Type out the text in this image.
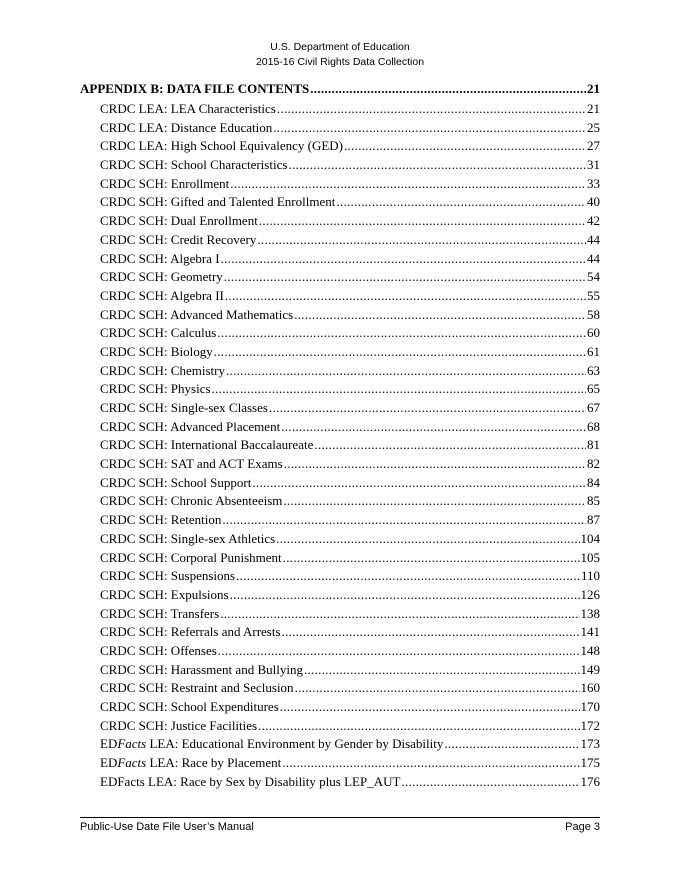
U.S. Department of Education
2015-16 Civil Rights Data Collection
APPENDIX B: DATA FILE CONTENTS .....	21
CRDC LEA: LEA Characteristics .....	21
CRDC LEA: Distance Education .....	25
CRDC LEA: High School Equivalency (GED) .....	27
CRDC SCH: School Characteristics .....	31
CRDC SCH: Enrollment .....	33
CRDC SCH: Gifted and Talented Enrollment .....	40
CRDC SCH: Dual Enrollment .....	42
CRDC SCH: Credit Recovery .....	44
CRDC SCH: Algebra I .....	44
CRDC SCH: Geometry .....	54
CRDC SCH: Algebra II .....	55
CRDC SCH: Advanced Mathematics .....	58
CRDC SCH: Calculus .....	60
CRDC SCH: Biology .....	61
CRDC SCH: Chemistry .....	63
CRDC SCH: Physics .....	65
CRDC SCH: Single-sex Classes .....	67
CRDC SCH: Advanced Placement .....	68
CRDC SCH: International Baccalaureate .....	81
CRDC SCH: SAT and ACT Exams .....	82
CRDC SCH: School Support .....	84
CRDC SCH: Chronic Absenteeism .....	85
CRDC SCH: Retention .....	87
CRDC SCH: Single-sex Athletics .....	104
CRDC SCH: Corporal Punishment .....	105
CRDC SCH: Suspensions .....	110
CRDC SCH: Expulsions .....	126
CRDC SCH: Transfers .....	138
CRDC SCH: Referrals and Arrests .....	141
CRDC SCH: Offenses .....	148
CRDC SCH: Harassment and Bullying .....	149
CRDC SCH: Restraint and Seclusion .....	160
CRDC SCH: School Expenditures .....	170
CRDC SCH: Justice Facilities .....	172
EDFacts LEA: Educational Environment by Gender by Disability .....	173
EDFacts LEA: Race by Placement .....	175
EDFacts LEA: Race by Sex by Disability plus LEP_AUT .....	176
Public-Use Date File User’s Manual	Page 3
